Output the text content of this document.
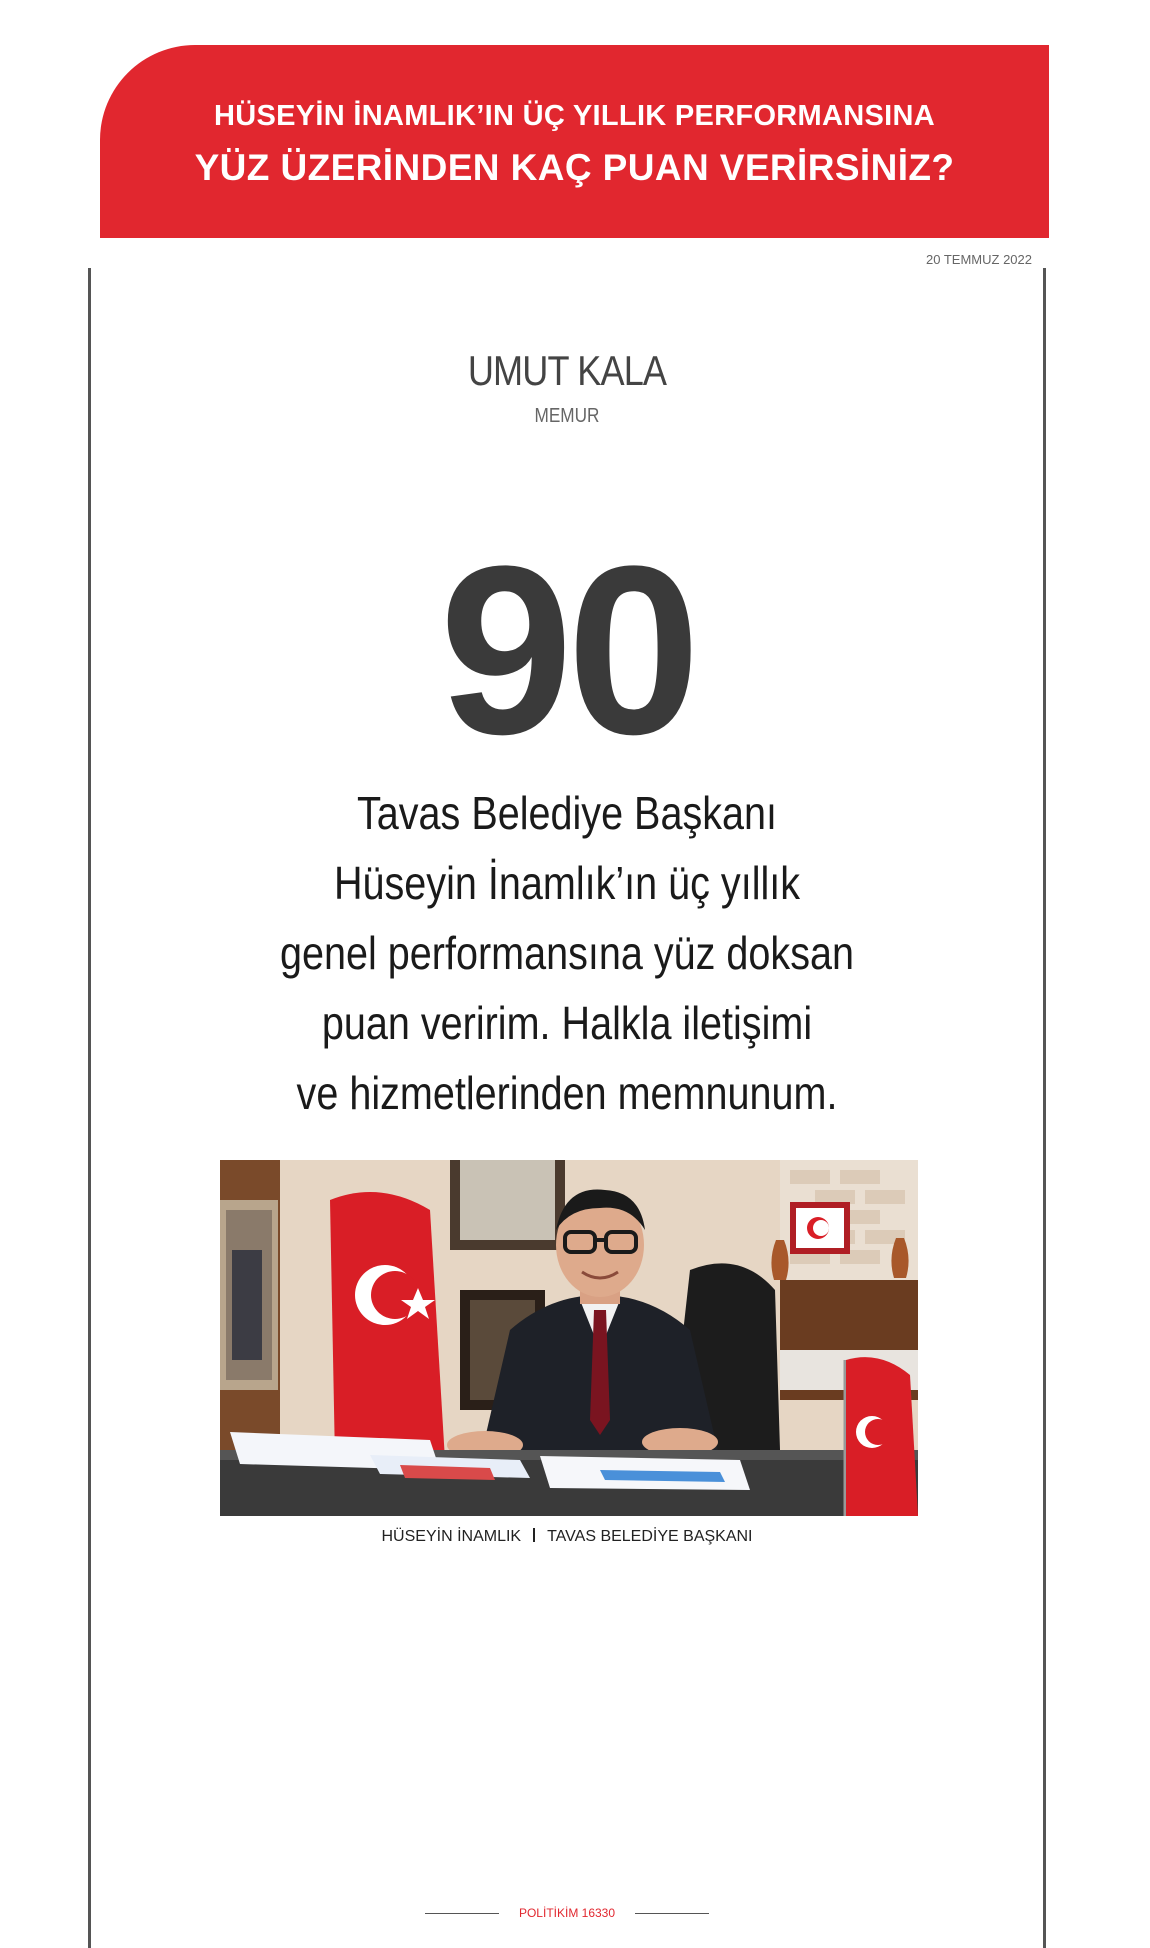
HÜSEYİN İNAMLIK’IN ÜÇ YILLIK PERFORMANSINA
YÜZ ÜZERİNDEN KAÇ PUAN VERİRSİNİZ?
20 TEMMUZ 2022
UMUT KALA
MEMUR
90
Tavas Belediye Başkanı
Hüseyin İnamlık’ın üç yıllık
genel performansına yüz doksan
puan veririm. Halkla iletişimi
ve hizmetlerinden memnunum.
HÜSEYİN İNAMLIK TAVAS BELEDİYE BAŞKANI
POLİTİKİM 16330
